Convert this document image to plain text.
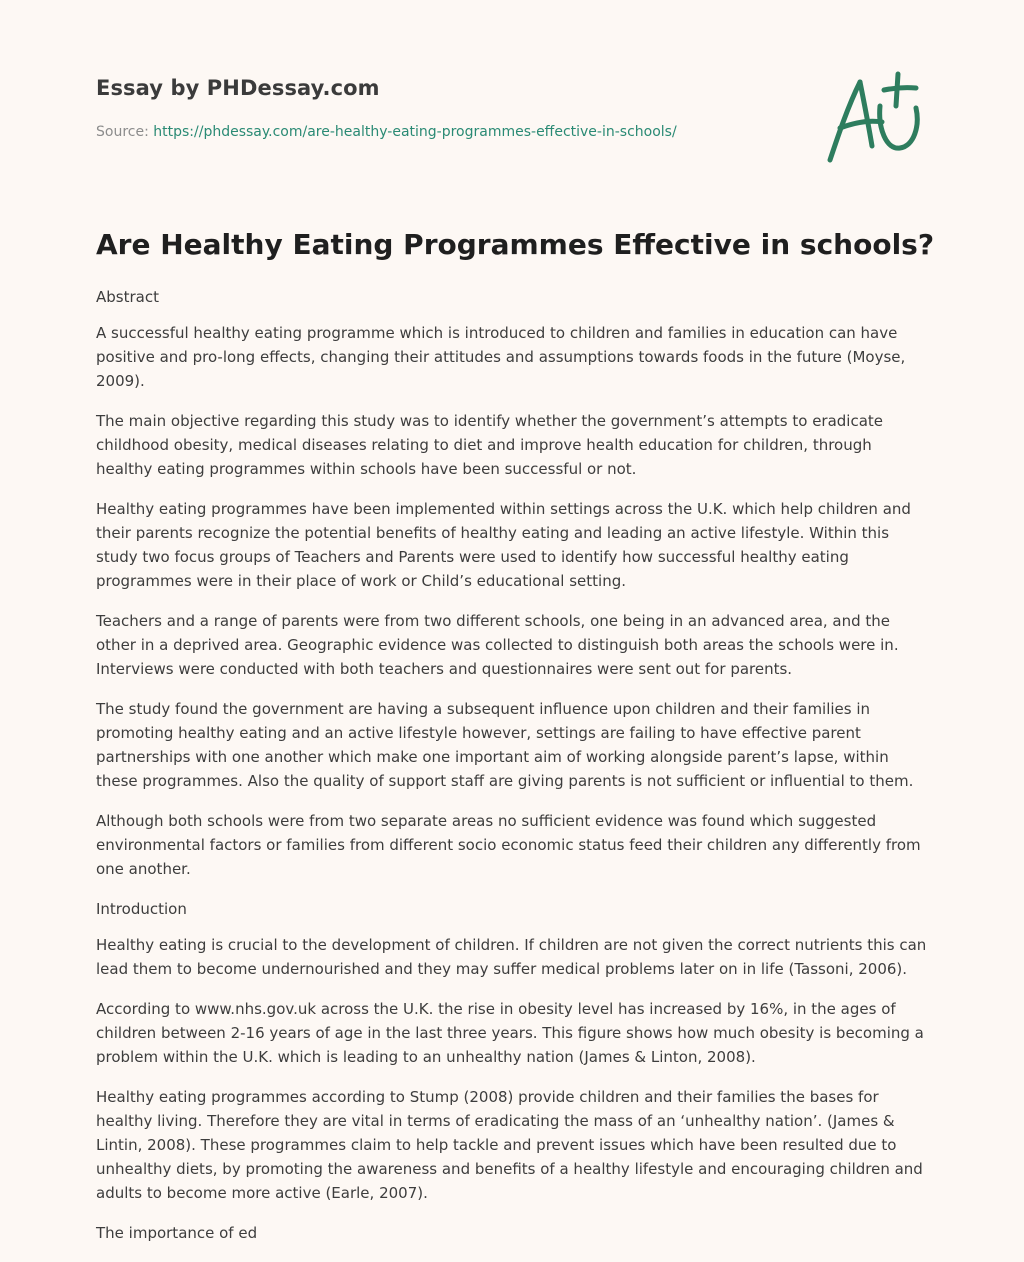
Essay by PHDessay.com
Source: https://phdessay.com/are-healthy-eating-programmes-effective-in-schools/
Are Healthy Eating Programmes Effective in schools?

Abstract

A successful healthy eating programme which is introduced to children and families in education can have positive and pro-long effects, changing their attitudes and assumptions towards foods in the future (Moyse, 2009).

The main objective regarding this study was to identify whether the government’s attempts to eradicate childhood obesity, medical diseases relating to diet and improve health education for children, through healthy eating programmes within schools have been successful or not.

Healthy eating programmes have been implemented within settings across the U.K. which help children and their parents recognize the potential benefits of healthy eating and leading an active lifestyle. Within this study two focus groups of Teachers and Parents were used to identify how successful healthy eating programmes were in their place of work or Child’s educational setting.

Teachers and a range of parents were from two different schools, one being in an advanced area, and the other in a deprived area. Geographic evidence was collected to distinguish both areas the schools were in. Interviews were conducted with both teachers and questionnaires were sent out for parents.

The study found the government are having a subsequent influence upon children and their families in promoting healthy eating and an active lifestyle however, settings are failing to have effective parent partnerships with one another which make one important aim of working alongside parent’s lapse, within these programmes. Also the quality of support staff are giving parents is not sufficient or influential to them.

Although both schools were from two separate areas no sufficient evidence was found which suggested environmental factors or families from different socio economic status feed their children any differently from one another.

Introduction

Healthy eating is crucial to the development of children. If children are not given the correct nutrients this can lead them to become undernourished and they may suffer medical problems later on in life (Tassoni, 2006).

According to www.nhs.gov.uk across the U.K. the rise in obesity level has increased by 16%, in the ages of children between 2-16 years of age in the last three years. This figure shows how much obesity is becoming a problem within the U.K. which is leading to an unhealthy nation (James & Linton, 2008).

Healthy eating programmes according to Stump (2008) provide children and their families the bases for healthy living. Therefore they are vital in terms of eradicating the mass of an ‘unhealthy nation’. (James & Lintin, 2008). These programmes claim to help tackle and prevent issues which have been resulted due to unhealthy diets, by promoting the awareness and benefits of a healthy lifestyle and encouraging children and adults to become more active (Earle, 2007).

The importance of ed
